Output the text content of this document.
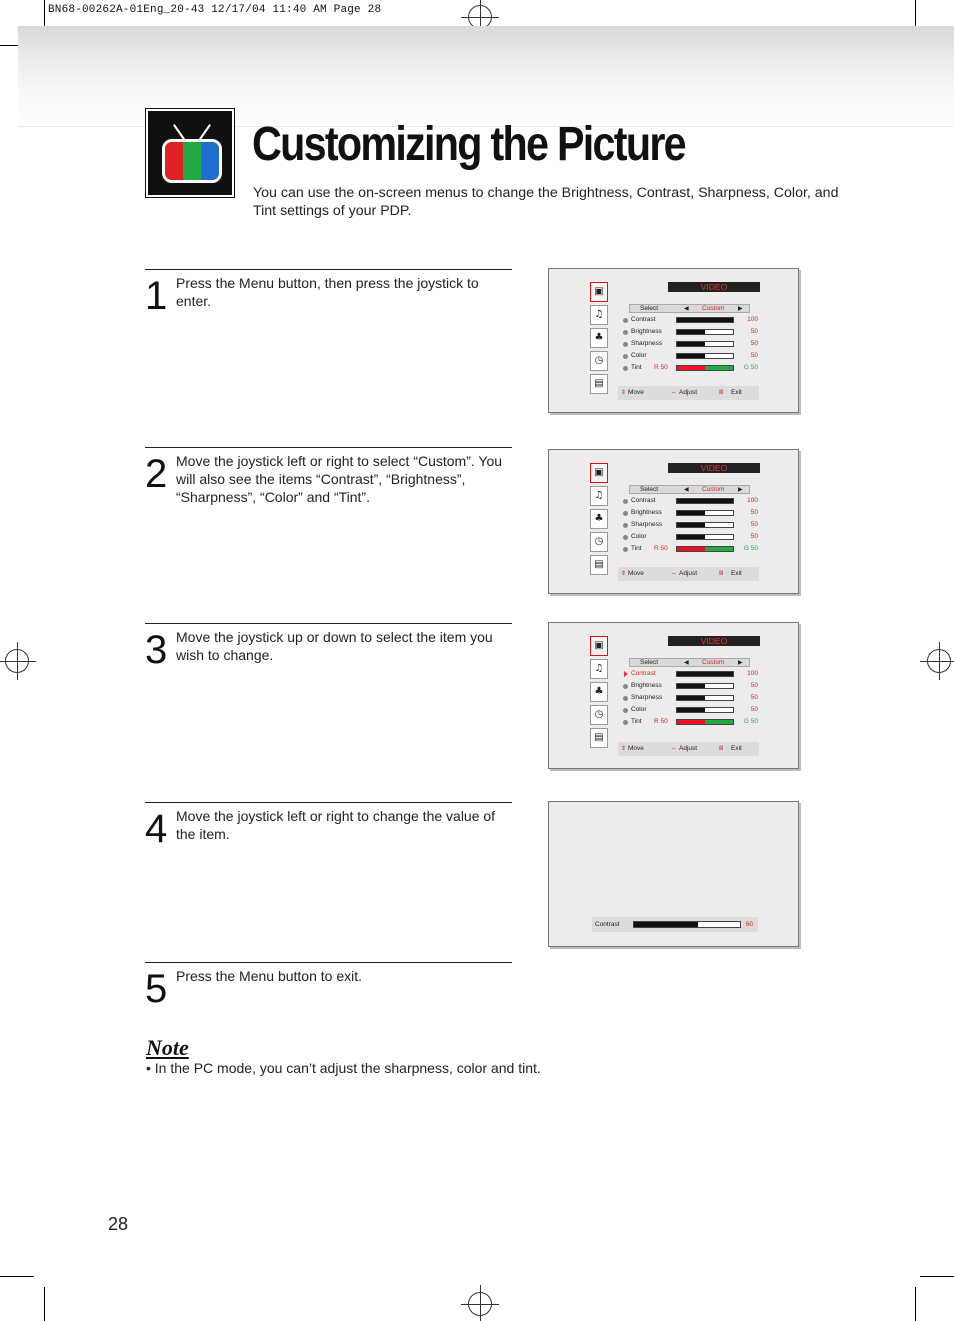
BN68-00262A-01Eng_20-43 12/17/04 11:40 AM Page 28
Customizing the Picture
You can use the on-screen menus to change the Brightness, Contrast, Sharpness, Color, and Tint settings of your PDP.
1 Press the Menu button, then press the joystick to enter.
2 Move the joystick left or right to select “Custom”. You will also see the items “Contrast”, “Brightness”, “Sharpness”, “Color” and “Tint”.
3 Move the joystick up or down to select the item you wish to change.
4 Move the joystick left or right to change the value of the item.
5 Press the Menu button to exit.
▣
♫
♣
◷
▤
VIDEO
Select	◀ Custom ▶
Contrast	100
Brightness	50
Sharpness	50
Color	50
Tint R 50	G 50
⇕ Move	⇔ Adjust	Ⅲ Exit
▣
♫
♣
◷
▤
VIDEO
Select	◀ Custom ▶
Contrast	100
Brightness	50
Sharpness	50
Color	50
Tint R 50	G 50
⇕ Move	⇔ Adjust	Ⅲ Exit
▣
♫
♣
◷
▤
VIDEO
Select	◀ Custom ▶
Contrast	100
Brightness	50
Sharpness	50
Color	50
Tint R 50	G 50
⇕ Move	⇔ Adjust	Ⅲ Exit
Contrast	60
Note
• In the PC mode, you can’t adjust the sharpness, color and tint.
28
